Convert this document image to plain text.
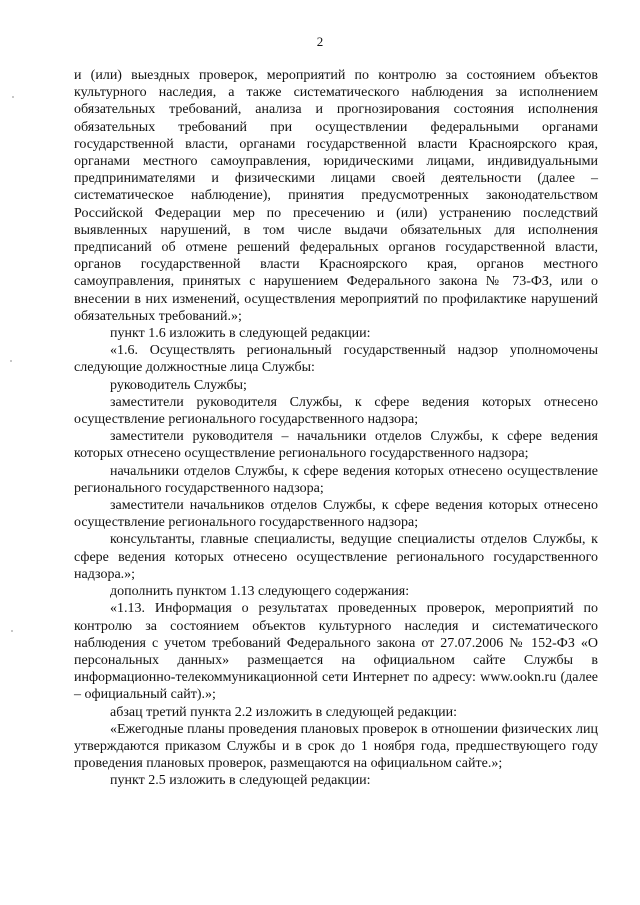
2

и (или) выездных проверок, мероприятий по контролю за состоянием объектов культурного наследия, а также систематического наблюдения за исполнением обязательных требований, анализа и прогнозирования состояния исполнения обязательных требований при осуществлении федеральными органами государственной власти, органами государственной власти Красноярского края, органами местного самоуправления, юридическими лицами, индивидуальными предпринимателями и физическими лицами своей деятельности (далее – систематическое наблюдение), принятия предусмотренных законодательством Российской Федерации мер по пресечению и (или) устранению последствий выявленных нарушений, в том числе выдачи обязательных для исполнения предписаний об отмене решений федеральных органов государственной власти, органов государственной власти Красноярского края, органов местного самоуправления, принятых с нарушением Федерального закона № 73-ФЗ, или о внесении в них изменений, осуществления мероприятий по профилактике нарушений обязательных требований.»;

пункт 1.6 изложить в следующей редакции:

«1.6. Осуществлять региональный государственный надзор уполномочены следующие должностные лица Службы:

руководитель Службы;

заместители руководителя Службы, к сфере ведения которых отнесено осуществление регионального государственного надзора;

заместители руководителя – начальники отделов Службы, к сфере ведения которых отнесено осуществление регионального государственного надзора;

начальники отделов Службы, к сфере ведения которых отнесено осуществление регионального государственного надзора;

заместители начальников отделов Службы, к сфере ведения которых отнесено осуществление регионального государственного надзора;

консультанты, главные специалисты, ведущие специалисты отделов Службы, к сфере ведения которых отнесено осуществление регионального государственного надзора.»;

дополнить пунктом 1.13 следующего содержания:

«1.13. Информация о результатах проведенных проверок, мероприятий по контролю за состоянием объектов культурного наследия и систематического наблюдения с учетом требований Федерального закона от 27.07.2006 № 152-ФЗ «О персональных данных» размещается на официальном сайте Службы в информационно-телекоммуникационной сети Интернет по адресу: www.ookn.ru (далее – официальный сайт).»;

абзац третий пункта 2.2 изложить в следующей редакции:

«Ежегодные планы проведения плановых проверок в отношении физических лиц утверждаются приказом Службы и в срок до 1 ноября года, предшествующего году проведения плановых проверок, размещаются на официальном сайте.»;

пункт 2.5 изложить в следующей редакции:
